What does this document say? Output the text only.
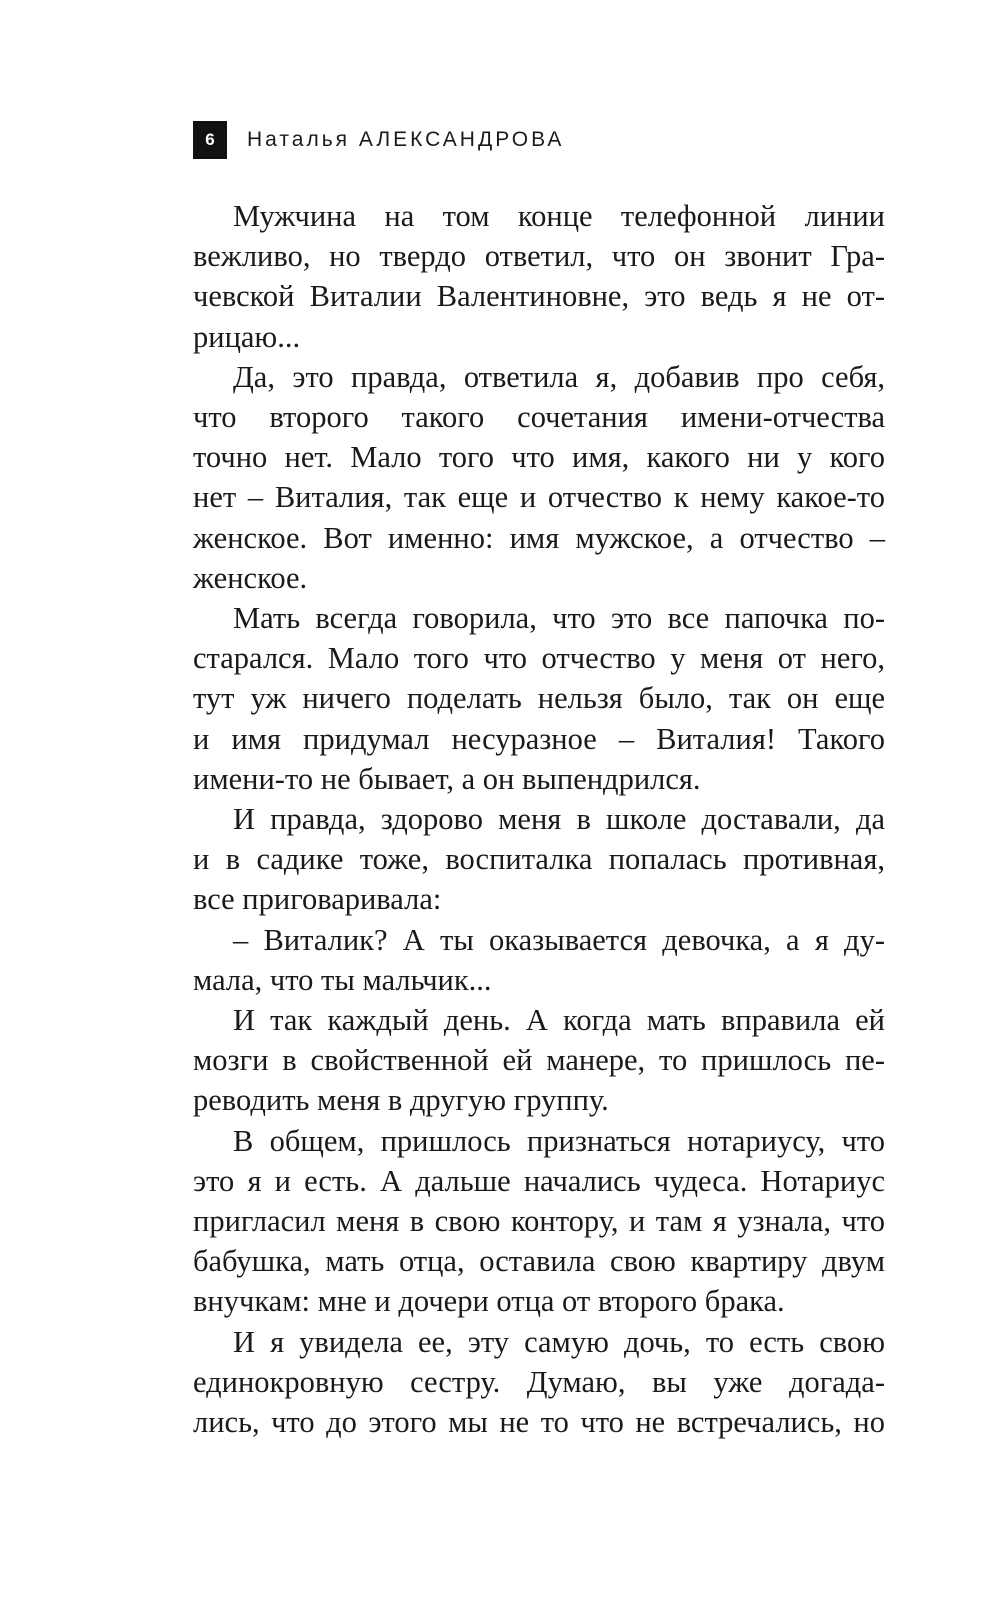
6	Наталья АЛЕКСАНДРОВА

Мужчина на том конце телефонной линии
вежливо, но твердо ответил, что он звонит Гра-
чевской Виталии Валентиновне, это ведь я не от-
рицаю...

Да, это правда, ответила я, добавив про себя,
что второго такого сочетания имени-отчества
точно нет. Мало того что имя, какого ни у кого
нет – Виталия, так еще и отчество к нему какое-то
женское. Вот именно: имя мужское, а отчество –
женское.

Мать всегда говорила, что это все папочка по-
старался. Мало того что отчество у меня от него,
тут уж ничего поделать нельзя было, так он еще
и имя придумал несуразное – Виталия! Такого
имени-то не бывает, а он выпендрился.

И правда, здорово меня в школе доставали, да
и в садике тоже, воспиталка попалась противная,
все приговаривала:

– Виталик? А ты оказывается девочка, а я ду-
мала, что ты мальчик...

И так каждый день. А когда мать вправила ей
мозги в свойственной ей манере, то пришлось пе-
реводить меня в другую группу.

В общем, пришлось признаться нотариусу, что
это я и есть. А дальше начались чудеса. Нотариус
пригласил меня в свою контору, и там я узнала, что
бабушка, мать отца, оставила свою квартиру двум
внучкам: мне и дочери отца от второго брака.

И я увидела ее, эту самую дочь, то есть свою
единокровную сестру. Думаю, вы уже догада-
лись, что до этого мы не то что не встречались, но
